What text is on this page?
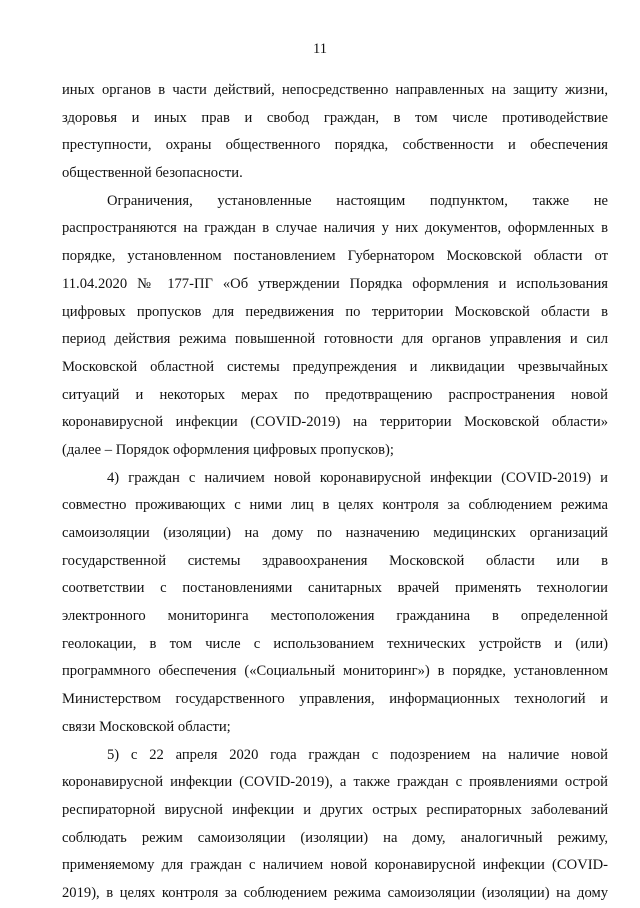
11

иных органов в части действий, непосредственно направленных на защиту жизни,
здоровья и иных прав и свобод граждан, в том числе противодействие
преступности, охраны общественного порядка, собственности и обеспечения
общественной безопасности.

Ограничения, установленные настоящим подпунктом, также не
распространяются на граждан в случае наличия у них документов, оформленных в
порядке, установленном постановлением Губернатором Московской области от
11.04.2020 № 177-ПГ «Об утверждении Порядка оформления и использования
цифровых пропусков для передвижения по территории Московской области в
период действия режима повышенной готовности для органов управления и сил
Московской областной системы предупреждения и ликвидации чрезвычайных
ситуаций и некоторых мерах по предотвращению распространения новой
коронавирусной инфекции (COVID-2019) на территории Московской области»
(далее – Порядок оформления цифровых пропусков);

4) граждан с наличием новой коронавирусной инфекции (COVID-2019) и
совместно проживающих с ними лиц в целях контроля за соблюдением режима
самоизоляции (изоляции) на дому по назначению медицинских организаций
государственной системы здравоохранения Московской области или в
соответствии с постановлениями санитарных врачей применять технологии
электронного мониторинга местоположения гражданина в определенной
геолокации, в том числе с использованием технических устройств и (или)
программного обеспечения («Социальный мониторинг») в порядке, установленном
Министерством государственного управления, информационных технологий и
связи Московской области;

5) с 22 апреля 2020 года граждан с подозрением на наличие новой
коронавирусной инфекции (COVID-2019), а также граждан с проявлениями острой
респираторной вирусной инфекции и других острых респираторных заболеваний
соблюдать режим самоизоляции (изоляции) на дому, аналогичный режиму,
применяемому для граждан с наличием новой коронавирусной инфекции (COVID-
2019), в целях контроля за соблюдением режима самоизоляции (изоляции) на дому
